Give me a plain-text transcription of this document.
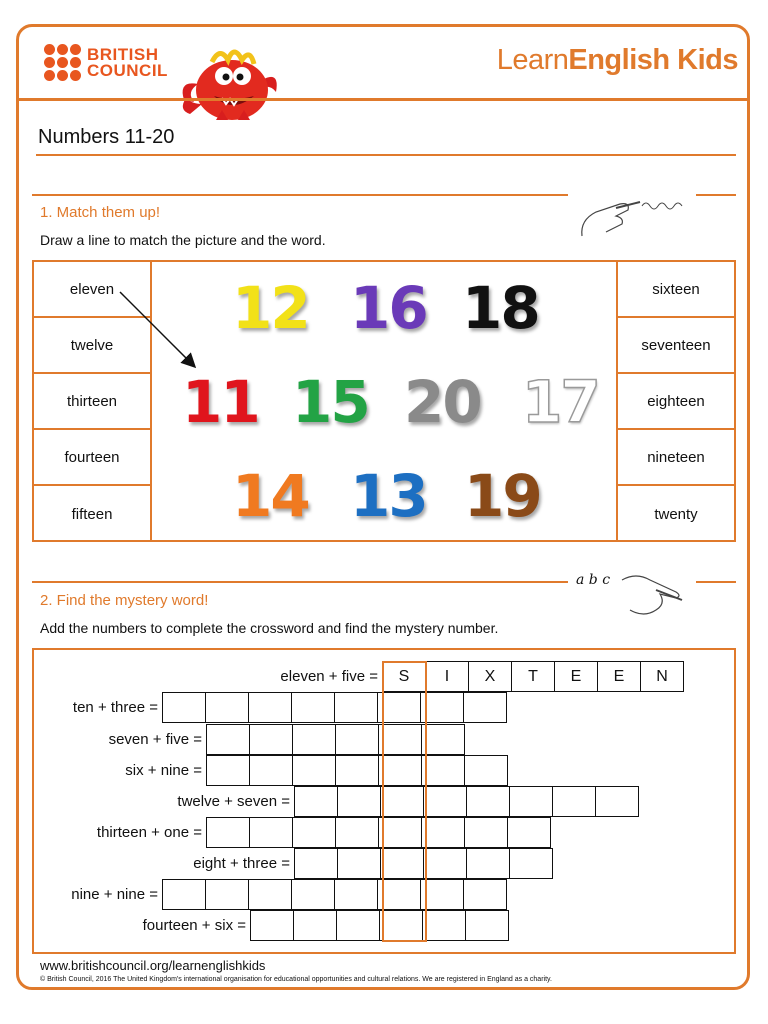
BRITISH
COUNCIL	LearnEnglish Kids
Numbers 11-20
1. Match them up!

Draw a line to match the picture and the word.

eleven
twelve
thirteen
fourteen
fifteen
sixteen
seventeen
eighteen
nineteen
twenty
12 16 18
11 15 20 17
14 13 19
a b c
2. Find the mystery word!

Add the numbers to complete the crossword and find the mystery number.

eleven + five =	S	I	X	T	E	E	N
ten + three =
seven + five =
six + nine =
twelve + seven =
thirteen + one =
eight + three =
nine + nine =
fourteen + six =
www.britishcouncil.org/learnenglishkids
© British Council, 2016 The United Kingdom's international organisation for educational opportunities and cultural relations. We are registered in England as a charity.
